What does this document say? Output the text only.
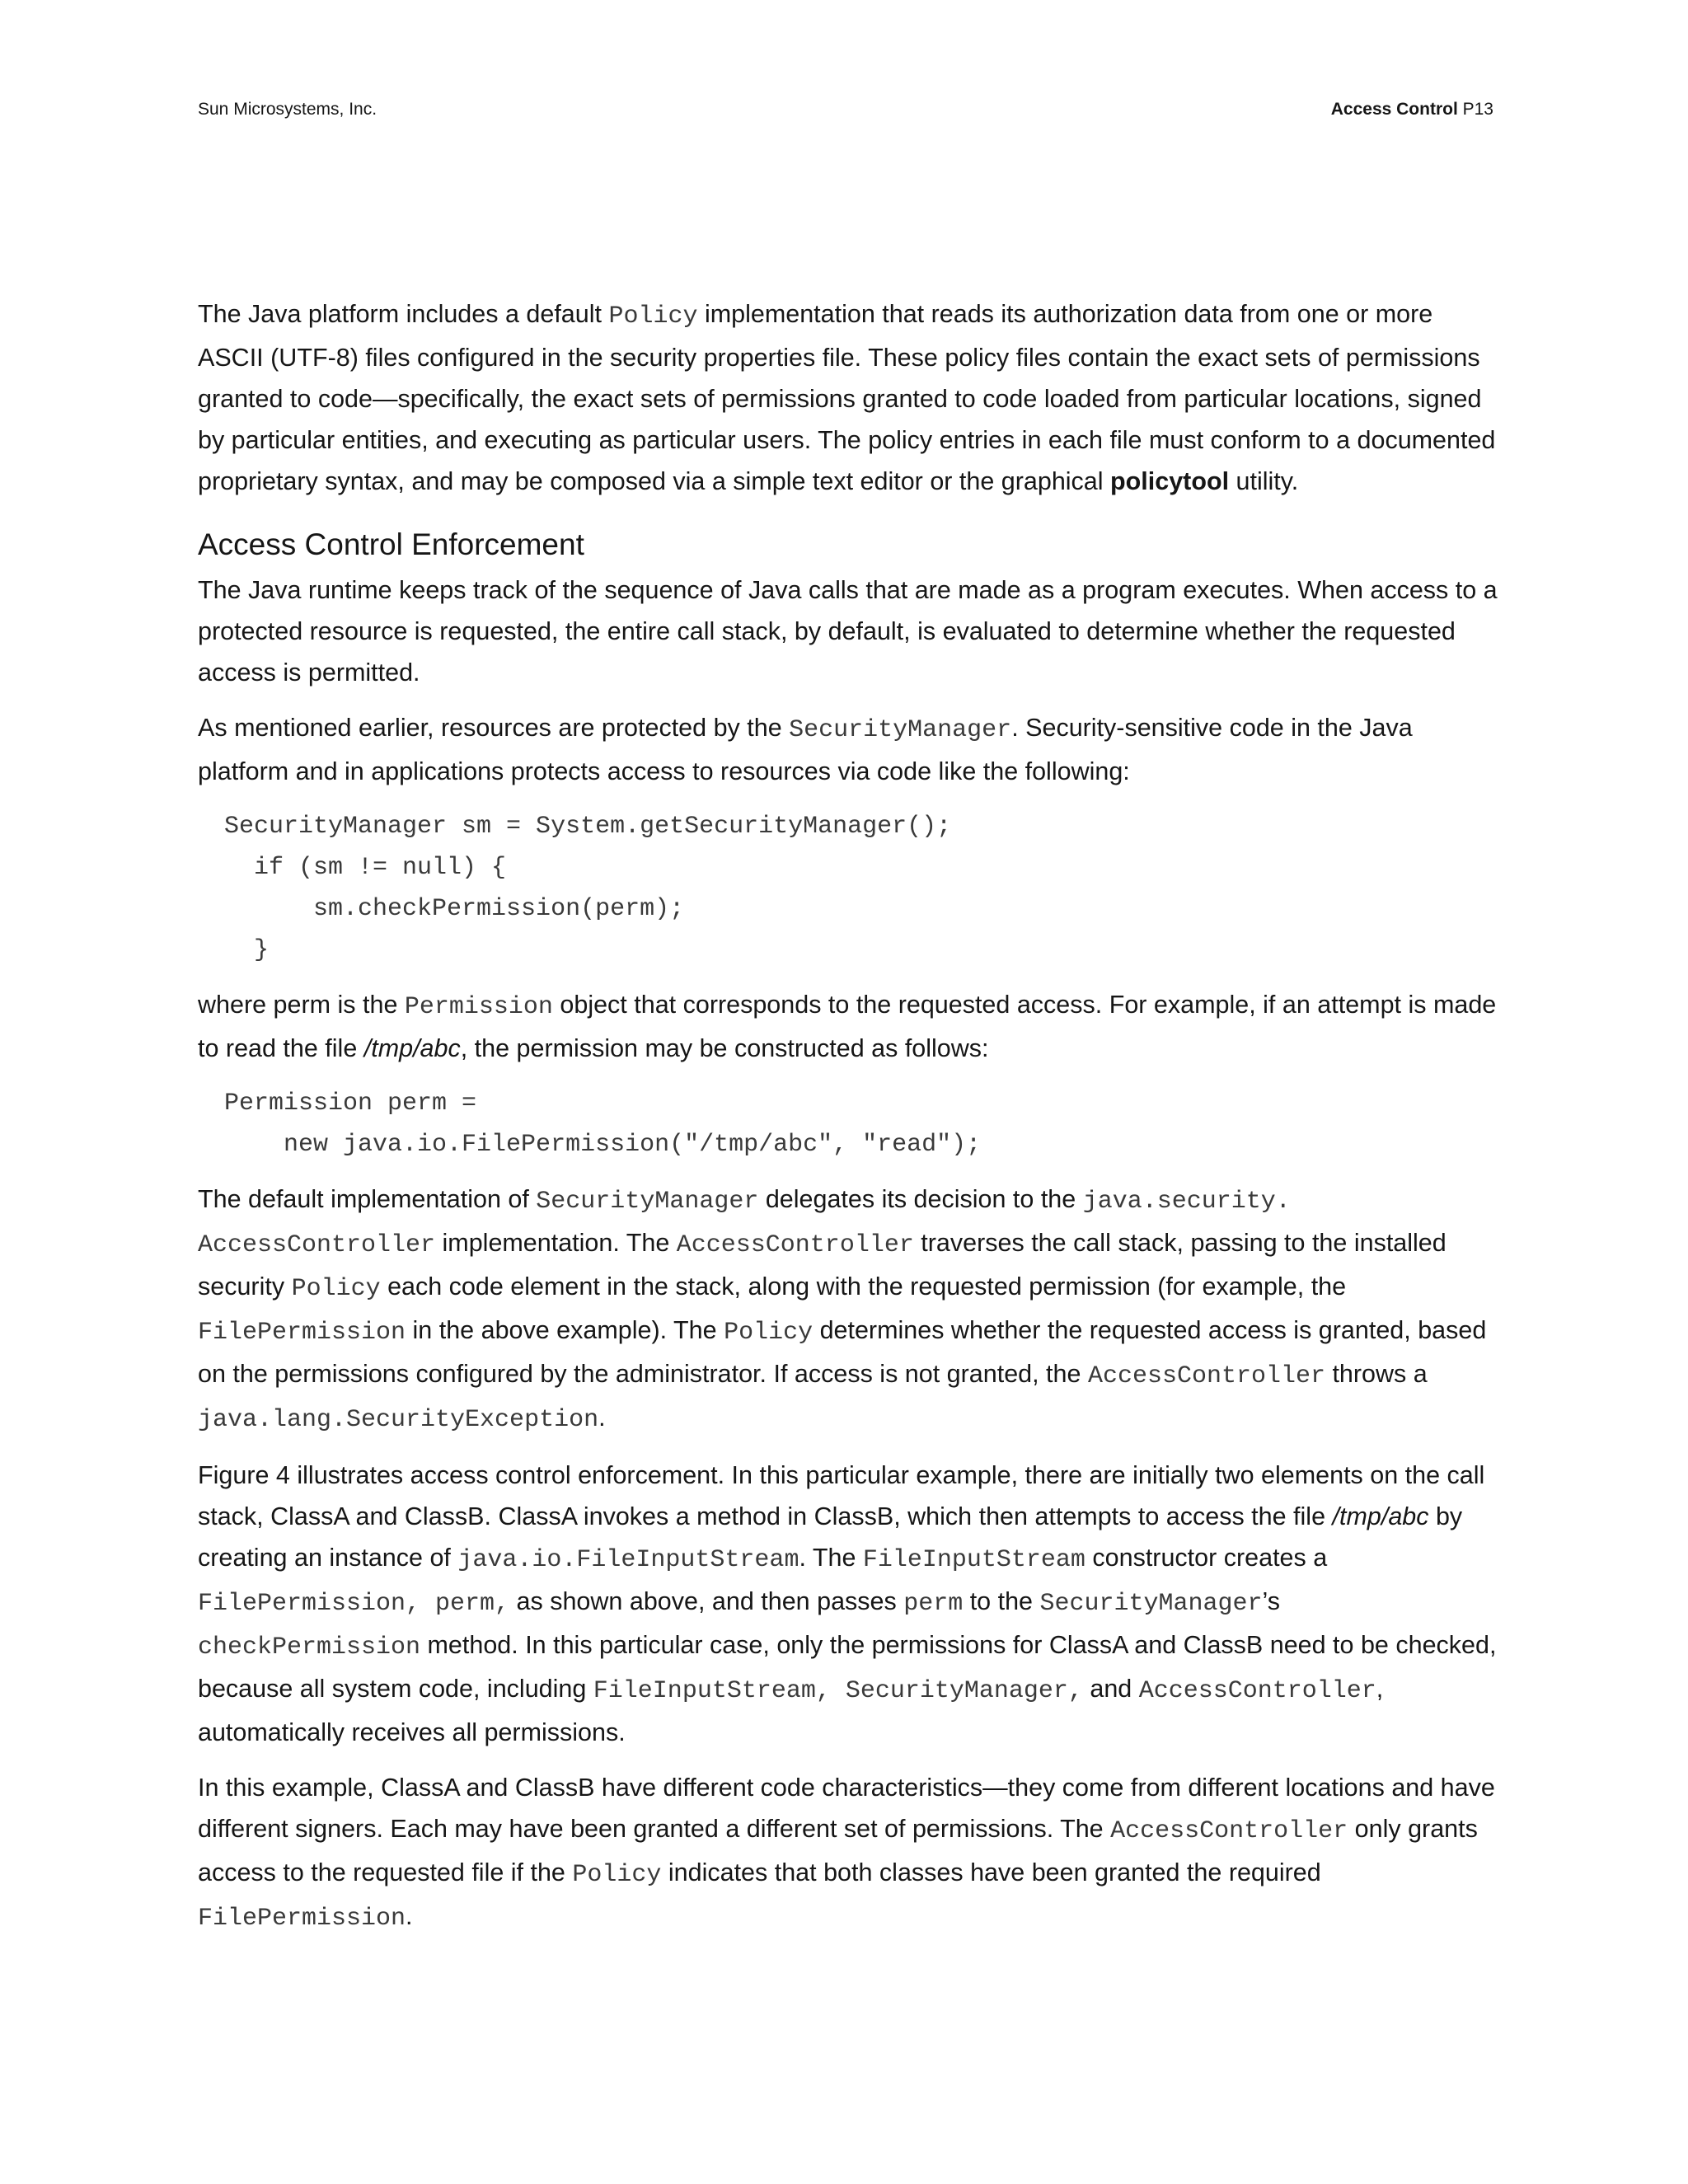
Sun Microsystems, Inc.	Access Control P13

The Java platform includes a default Policy implementation that reads its authorization data from one or more ASCII (UTF-8) files configured in the security properties file. These policy files contain the exact sets of permissions granted to code—specifically, the exact sets of permissions granted to code loaded from particular locations, signed by particular entities, and executing as particular users. The policy entries in each file must conform to a documented proprietary syntax, and may be composed via a simple text editor or the graphical policytool utility.

Access Control Enforcement

The Java runtime keeps track of the sequence of Java calls that are made as a program executes. When access to a protected resource is requested, the entire call stack, by default, is evaluated to determine whether the requested access is permitted.

As mentioned earlier, resources are protected by the SecurityManager. Security-sensitive code in the Java platform and in applications protects access to resources via code like the following:

SecurityManager sm = System.getSecurityManager();
if (sm != null) {
sm.checkPermission(perm);
}

where perm is the Permission object that corresponds to the requested access. For example, if an attempt is made to read the file /tmp/abc, the permission may be constructed as follows:

Permission perm =
new java.io.FilePermission("/tmp/abc", "read");

The default implementation of SecurityManager delegates its decision to the java.security. AccessController implementation. The AccessController traverses the call stack, passing to the installed security Policy each code element in the stack, along with the requested permission (for example, the FilePermission in the above example). The Policy determines whether the requested access is granted, based on the permissions configured by the administrator. If access is not granted, the AccessController throws a java.lang.SecurityException.

Figure 4 illustrates access control enforcement. In this particular example, there are initially two elements on the call stack, ClassA and ClassB. ClassA invokes a method in ClassB, which then attempts to access the file /tmp/abc by creating an instance of java.io.FileInputStream. The FileInputStream constructor creates a FilePermission, perm, as shown above, and then passes perm to the SecurityManager’s checkPermission method. In this particular case, only the permissions for ClassA and ClassB need to be checked, because all system code, including FileInputStream, SecurityManager, and AccessController, automatically receives all permissions.

In this example, ClassA and ClassB have different code characteristics—they come from different locations and have different signers. Each may have been granted a different set of permissions. The AccessController only grants access to the requested file if the Policy indicates that both classes have been granted the required FilePermission.
